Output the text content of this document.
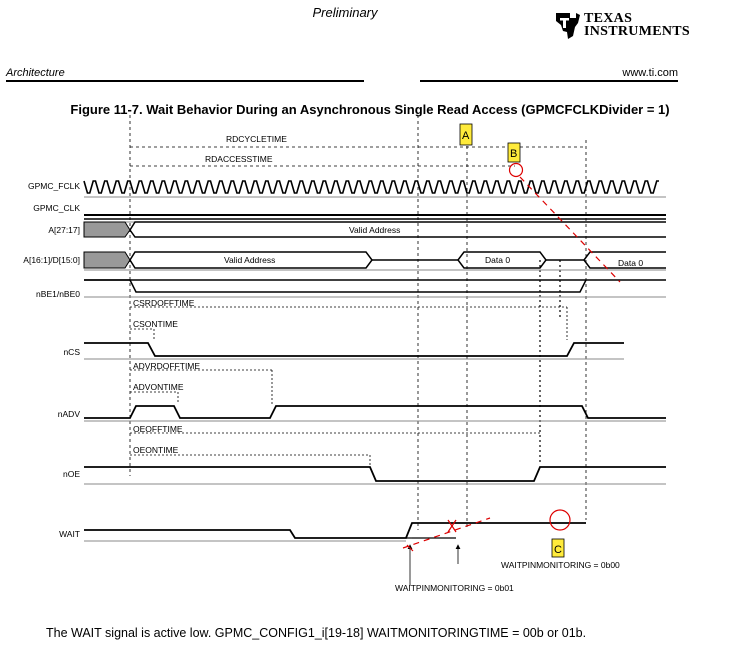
Preliminary	TEXAS
INSTRUMENTS
Architecture	www.ti.com
Figure 11-7. Wait Behavior During an Asynchronous Single Read Access (GPMCFCLKDivider = 1)
RDCYCLETIME
RDACCESSTIME
A
B
GPMC_FCLK
GPMC_CLK
A[27:17]
A[16:1]/D[15:0]
nBE1/nBE0
nCS
nADV
nOE
WAIT
Valid Address
Valid Address	Data 0	Data 0
CSRDOFFTIME
CSONTIME
ADVRDOFFTIME
ADVONTIME
OEOFFTIME
OEONTIME
WAITPINMONITORING = 0b00
WAITPINMONITORING = 0b01
C
The WAIT signal is active low. GPMC_CONFIG1_i[19-18] WAITMONITORINGTIME = 00b or 01b.
